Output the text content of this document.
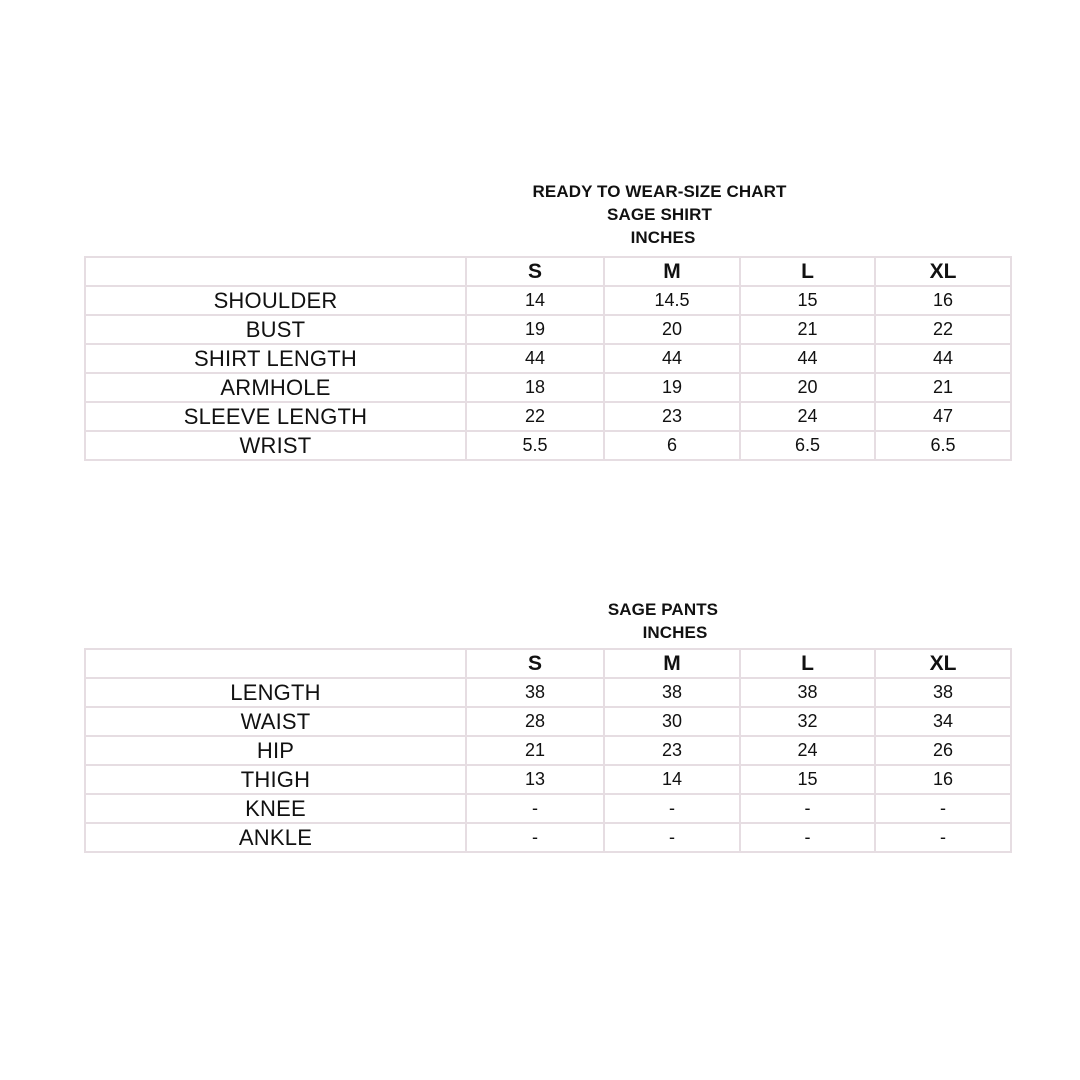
READY TO WEAR-SIZE CHART
SAGE SHIRT
INCHES
	S	M	L	XL
SHOULDER	14	14.5	15	16
BUST	19	20	21	22
SHIRT LENGTH	44	44	44	44
ARMHOLE	18	19	20	21
SLEEVE LENGTH	22	23	24	47
WRIST	5.5	6	6.5	6.5
SAGE PANTS
INCHES
	S	M	L	XL
LENGTH	38	38	38	38
WAIST	28	30	32	34
HIP	21	23	24	26
THIGH	13	14	15	16
KNEE	-	-	-	-
ANKLE	-	-	-	-
